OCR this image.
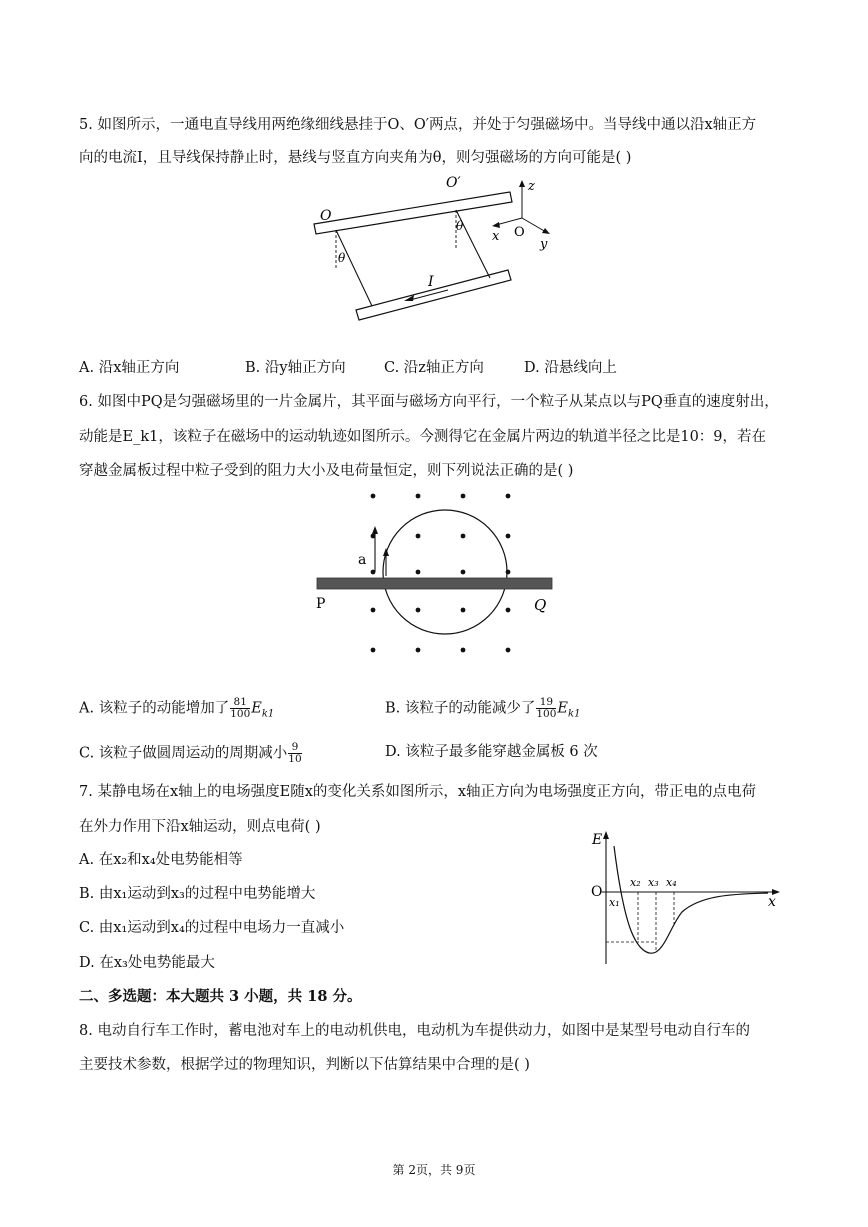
5. 如图所示，一通电直导线用两绝缘细线悬挂于O、O′两点，并处于匀强磁场中。当导线中通以沿x轴正方
向的电流I，且导线保持静止时，悬线与竖直方向夹角为θ，则匀强磁场的方向可能是( )
O
O′
θ
θ
I
z
x
y
O
A. 沿x轴正方向	B. 沿y轴正方向	C. 沿z轴正方向	D. 沿悬线向上
6. 如图中PQ是匀强磁场里的一片金属片，其平面与磁场方向平行，一个粒子从某点以与PQ垂直的速度射出，
动能是E_k1，该粒子在磁场中的运动轨迹如图所示。今测得它在金属片两边的轨道半径之比是10：9，若在
穿越金属板过程中粒子受到的阻力大小及电荷量恒定，则下列说法正确的是( )
a
P	Q
A. 该粒子的动能增加了 $\frac{81}{100} E_{k1}$	B. 该粒子的动能减少了 $\frac{19}{100} E_{k1}$
C. 该粒子做圆周运动的周期减小 $\frac{9}{10}$	D. 该粒子最多能穿越金属板 6 次
7. 某静电场在x轴上的电场强度E随x的变化关系如图所示，x轴正方向为电场强度正方向，带正电的点电荷
在外力作用下沿x轴运动，则点电荷( )
A. 在x₂和x₄处电势能相等
B. 由x₁运动到x₃的过程中电势能增大
C. 由x₁运动到x₄的过程中电场力一直减小
D. 在x₃处电势能最大
E
O
x
x₁
x₂ x₃ x₄
二、多选题：本大题共 3 小题，共 18 分。
8. 电动自行车工作时，蓄电池对车上的电动机供电，电动机为车提供动力，如图中是某型号电动自行车的
主要技术参数，根据学过的物理知识，判断以下估算结果中合理的是( )
第 2页，共 9页
